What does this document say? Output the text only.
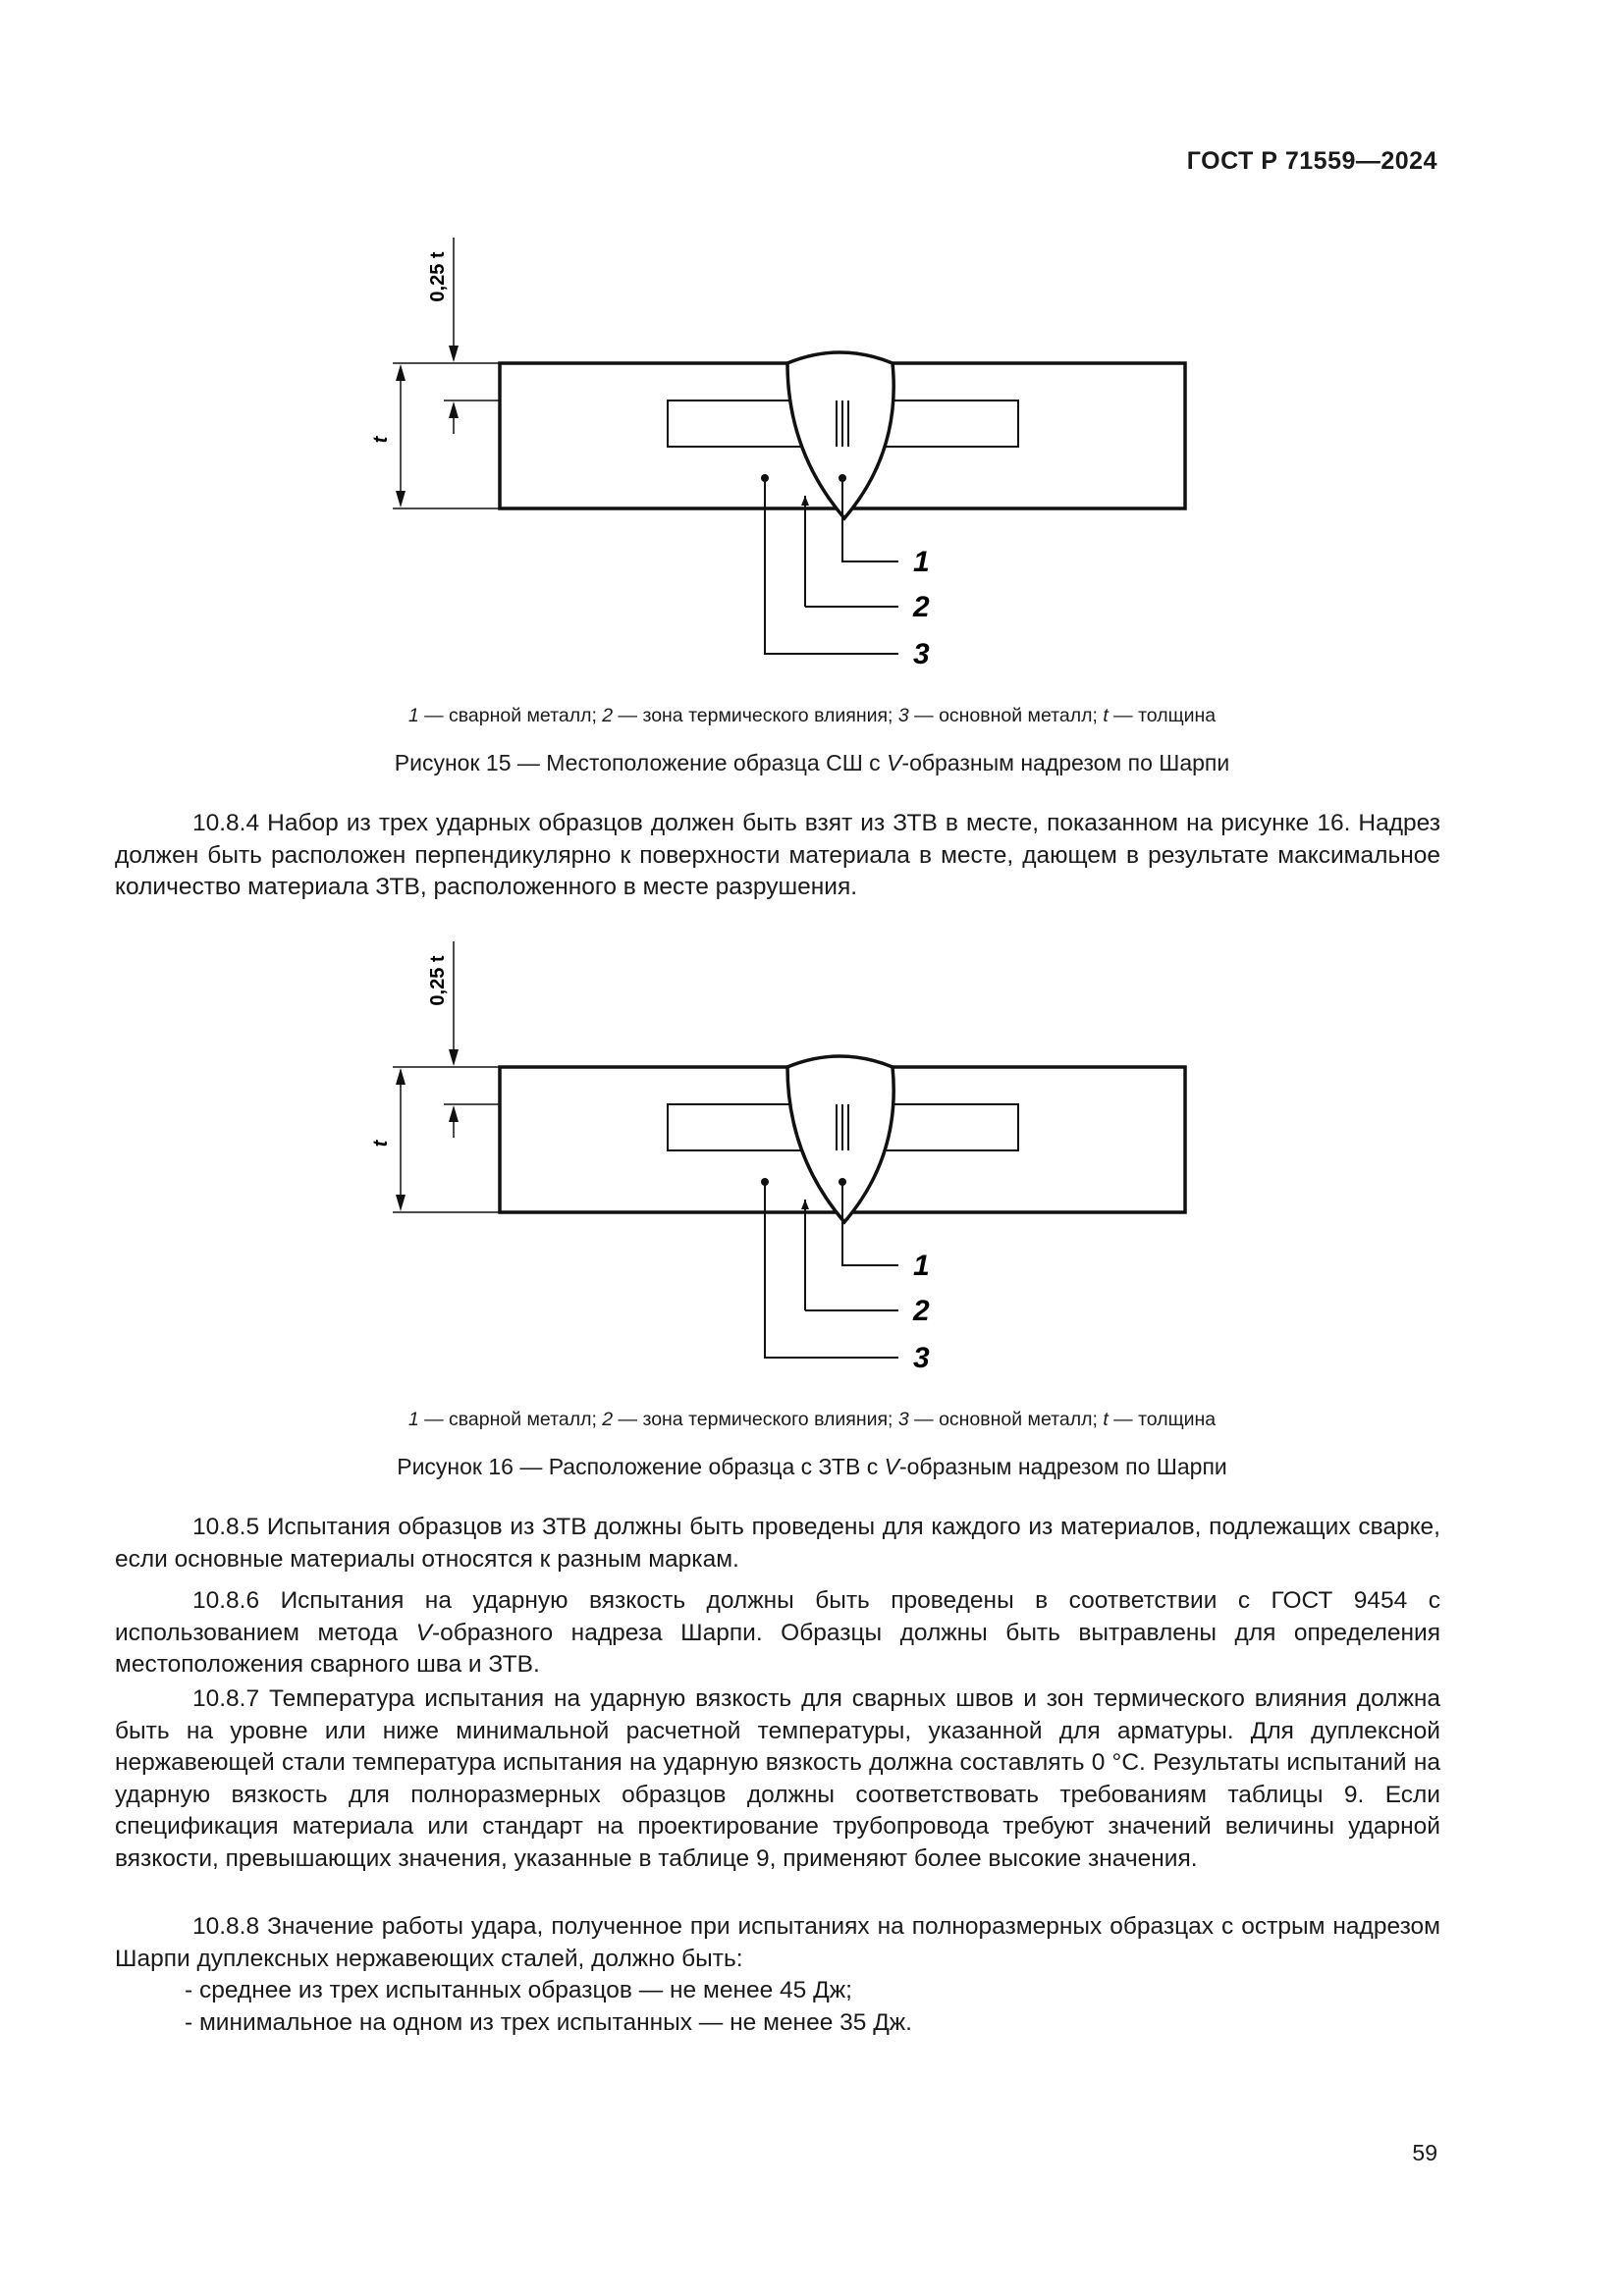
ГОСТ Р 71559—2024
1
2
3
t
0,25 t
1 — сварной металл; 2 — зона термического влияния; 3 — основной металл; t — толщина
Рисунок 15 — Местоположение образца СШ с V-образным надрезом по Шарпи
10.8.4 Набор из трех ударных образцов должен быть взят из ЗТВ в месте, показанном на рисунке 16. Надрез должен быть расположен перпендикулярно к поверхности материала в месте, дающем в результате максимальное количество материала ЗТВ, расположенного в месте разрушения.
1
2
3
t
0,25 t
1 — сварной металл; 2 — зона термического влияния; 3 — основной металл; t — толщина
Рисунок 16 — Расположение образца с ЗТВ с V-образным надрезом по Шарпи
10.8.5 Испытания образцов из ЗТВ должны быть проведены для каждого из материалов, подлежащих сварке, если основные материалы относятся к разным маркам.
10.8.6 Испытания на ударную вязкость должны быть проведены в соответствии с ГОСТ 9454 с использованием метода V-образного надреза Шарпи. Образцы должны быть вытравлены для определения местоположения сварного шва и ЗТВ.
10.8.7 Температура испытания на ударную вязкость для сварных швов и зон термического влияния должна быть на уровне или ниже минимальной расчетной температуры, указанной для арматуры. Для дуплексной нержавеющей стали температура испытания на ударную вязкость должна составлять 0 °С. Результаты испытаний на ударную вязкость для полноразмерных образцов должны соответствовать требованиям таблицы 9. Если спецификация материала или стандарт на проектирование трубопровода требуют значений величины ударной вязкости, превышающих значения, указанные в таблице 9, применяют более высокие значения.
10.8.8 Значение работы удара, полученное при испытаниях на полноразмерных образцах с острым надрезом Шарпи дуплексных нержавеющих сталей, должно быть:
- среднее из трех испытанных образцов — не менее 45 Дж;
- минимальное на одном из трех испытанных — не менее 35 Дж.
59
